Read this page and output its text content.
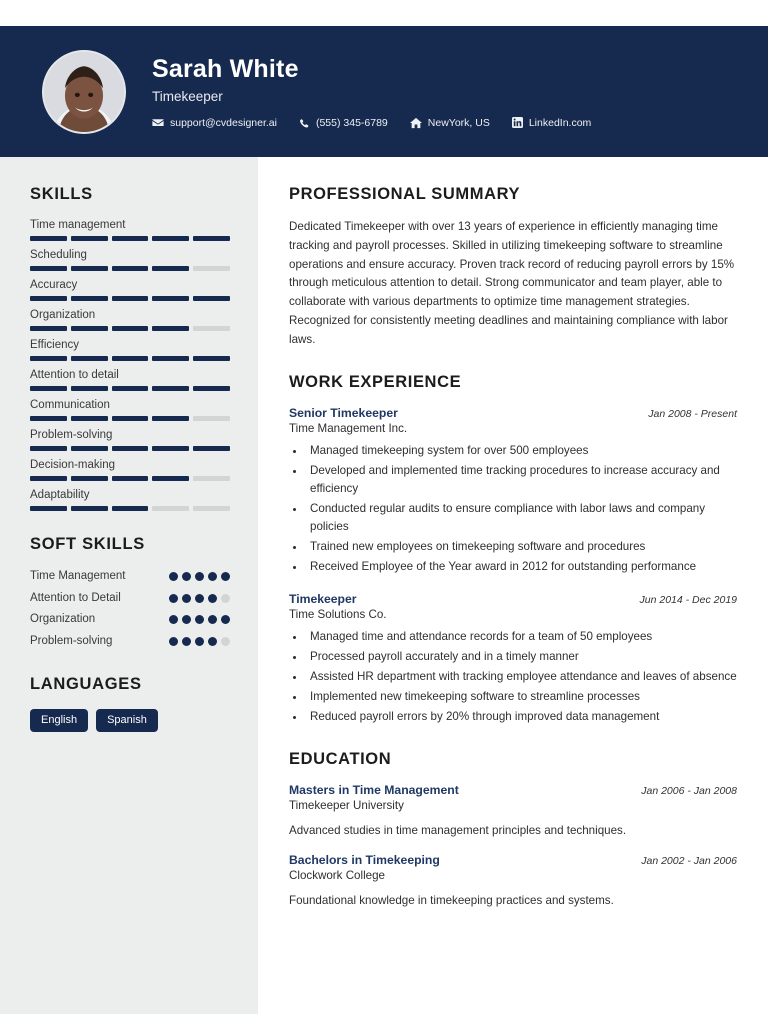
Sarah White
Timekeeper
support@cvdesigner.ai	(555) 345-6789	NewYork, US	LinkedIn.com
SKILLS
Time management
Scheduling
Accuracy
Organization
Efficiency
Attention to detail
Communication
Problem-solving
Decision-making
Adaptability
SOFT SKILLS
Time Management
Attention to Detail
Organization
Problem-solving
LANGUAGES
English	Spanish
PROFESSIONAL SUMMARY
Dedicated Timekeeper with over 13 years of experience in efficiently managing time tracking and payroll processes. Skilled in utilizing timekeeping software to streamline operations and ensure accuracy. Proven track record of reducing payroll errors by 15% through meticulous attention to detail. Strong communicator and team player, able to collaborate with various departments to optimize time management strategies. Recognized for consistently meeting deadlines and maintaining compliance with labor laws.
WORK EXPERIENCE
Senior Timekeeper	Jan 2008 - Present
Time Management Inc.
• Managed timekeeping system for over 500 employees
• Developed and implemented time tracking procedures to increase accuracy and efficiency
• Conducted regular audits to ensure compliance with labor laws and company policies
• Trained new employees on timekeeping software and procedures
• Received Employee of the Year award in 2012 for outstanding performance
Timekeeper	Jun 2014 - Dec 2019
Time Solutions Co.
• Managed time and attendance records for a team of 50 employees
• Processed payroll accurately and in a timely manner
• Assisted HR department with tracking employee attendance and leaves of absence
• Implemented new timekeeping software to streamline processes
• Reduced payroll errors by 20% through improved data management
EDUCATION
Masters in Time Management	Jan 2006 - Jan 2008
Timekeeper University
Advanced studies in time management principles and techniques.
Bachelors in Timekeeping	Jan 2002 - Jan 2006
Clockwork College
Foundational knowledge in timekeeping practices and systems.
